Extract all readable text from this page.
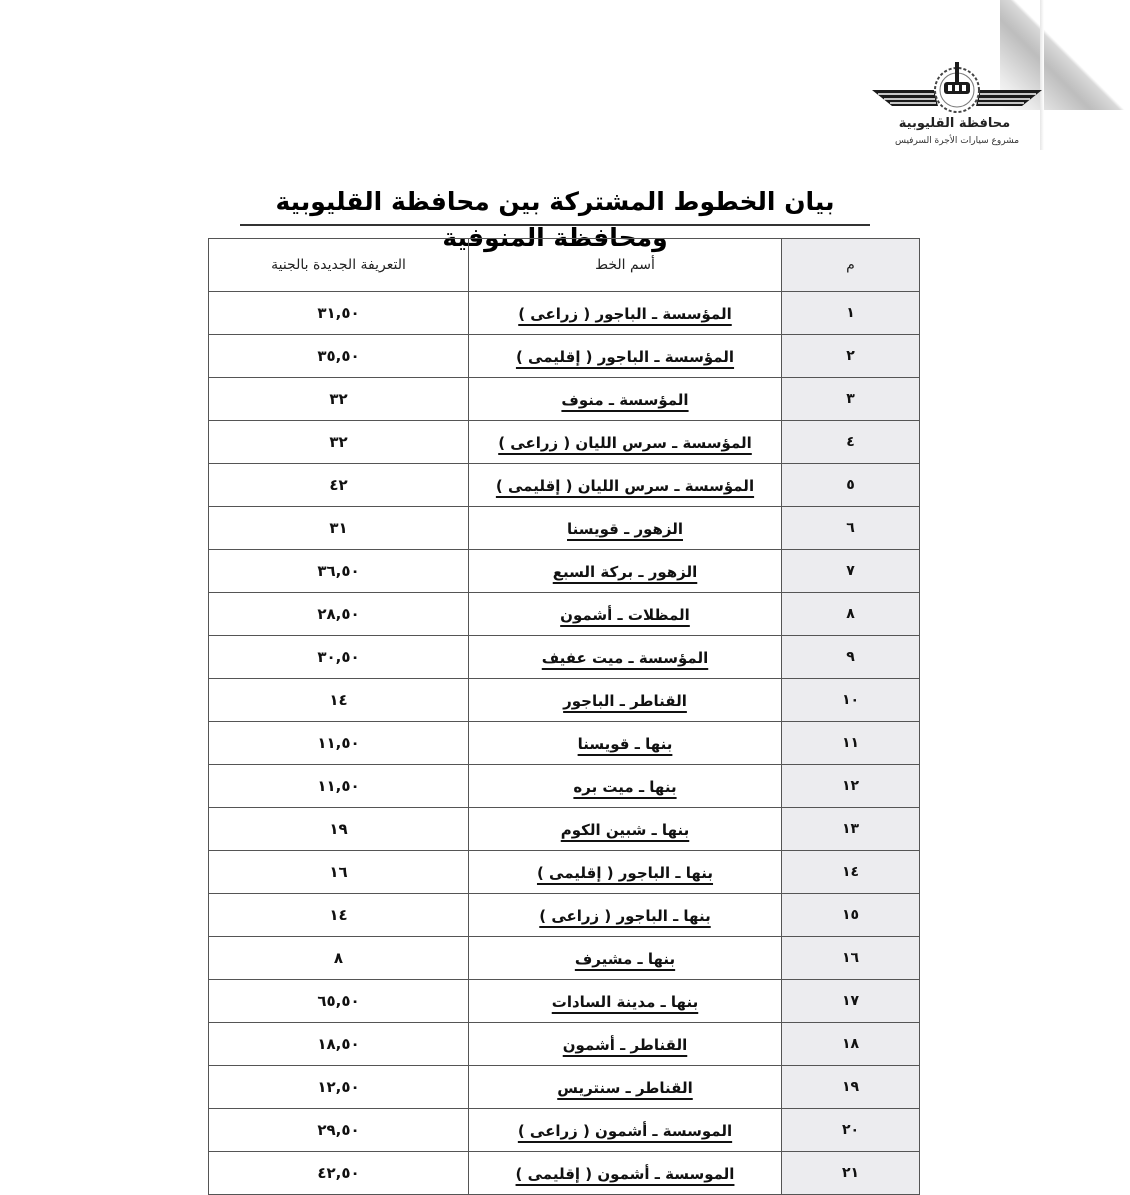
محافظة القليوبية
مشروع سيارات الأجرة السرفيس
بيان الخطوط المشتركة بين محافظة القليوبية ومحافظة المنوفية
م	أسم الخط	التعريفة الجديدة بالجنية
١	المؤسسة ـ الباجور ( زراعى )	٣١,٥٠
٢	المؤسسة ـ الباجور ( إقليمى )	٣٥,٥٠
٣	المؤسسة ـ منوف	٣٢
٤	المؤسسة ـ سرس الليان ( زراعى )	٣٢
٥	المؤسسة ـ سرس الليان ( إقليمى )	٤٢
٦	الزهور ـ قويسنا	٣١
٧	الزهور ـ بركة السبع	٣٦,٥٠
٨	المظلات ـ أشمون	٢٨,٥٠
٩	المؤسسة ـ ميت عفيف	٣٠,٥٠
١٠	القناطر ـ الباجور	١٤
١١	بنها ـ قويسنا	١١,٥٠
١٢	بنها ـ ميت بره	١١,٥٠
١٣	بنها ـ شبين الكوم	١٩
١٤	بنها ـ الباجور ( إقليمى )	١٦
١٥	بنها ـ الباجور ( زراعى )	١٤
١٦	بنها ـ مشيرف	٨
١٧	بنها ـ مدينة السادات	٦٥,٥٠
١٨	القناطر ـ أشمون	١٨,٥٠
١٩	القناطر ـ سنتريس	١٢,٥٠
٢٠	الموسسة ـ أشمون ( زراعى )	٢٩,٥٠
٢١	الموسسة ـ أشمون ( إقليمى )	٤٢,٥٠
